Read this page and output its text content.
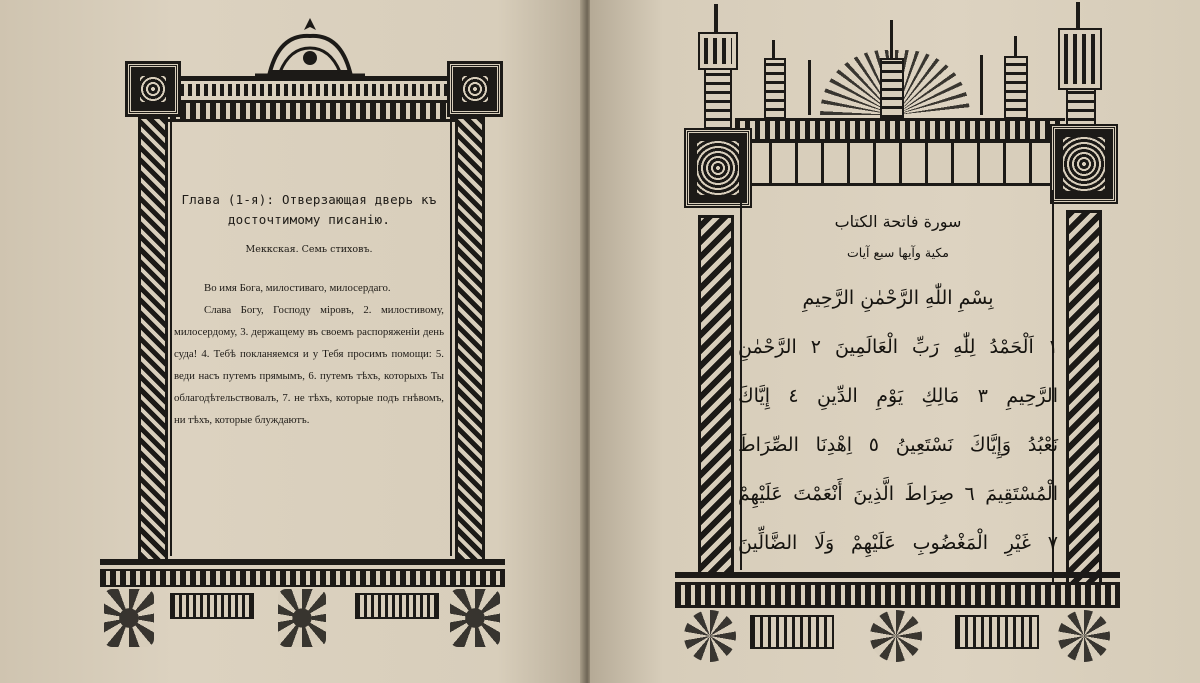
Глава (1-я): Отверзающая дверь къ
досточтимому писанію.

Меккская. Семь стиховъ.

Во имя Бога, милостиваго, милосердаго.

Слава Богу, Господу міровъ, 2. милостивому, милосердому, 3. держащему въ своемъ распоряженіи день суда! 4. Тебѣ покланяемся и у Тебя просимъ помощи: 5. веди насъ путемъ прямымъ, 6. путемъ тѣхъ, которыхъ Ты облагодѣтельствовалъ, 7. не тѣхъ, которые подъ гнѣвомъ, ни тѣхъ, которые блуждаютъ.

سورة فاتحة الكتاب

مكية وآيها سبع آيات

بِسْمِ اللّٰهِ الرَّحْمٰنِ الرَّحِيمِ

١ اَلْحَمْدُ لِلّٰهِ رَبِّ الْعَالَمِينَ ٢ الرَّحْمٰنِ

الرَّحِيمِ ٣ مَالِكِ يَوْمِ الدِّينِ ٤ إِيَّاكَ

نَعْبُدُ وَإِيَّاكَ نَسْتَعِينُ ٥ اِهْدِنَا الصِّرَاطَ

الْمُسْتَقِيمَ ٦ صِرَاطَ الَّذِينَ أَنْعَمْتَ عَلَيْهِمْ

٧ غَيْرِ الْمَغْضُوبِ عَلَيْهِمْ وَلَا الضَّالِّينَ
